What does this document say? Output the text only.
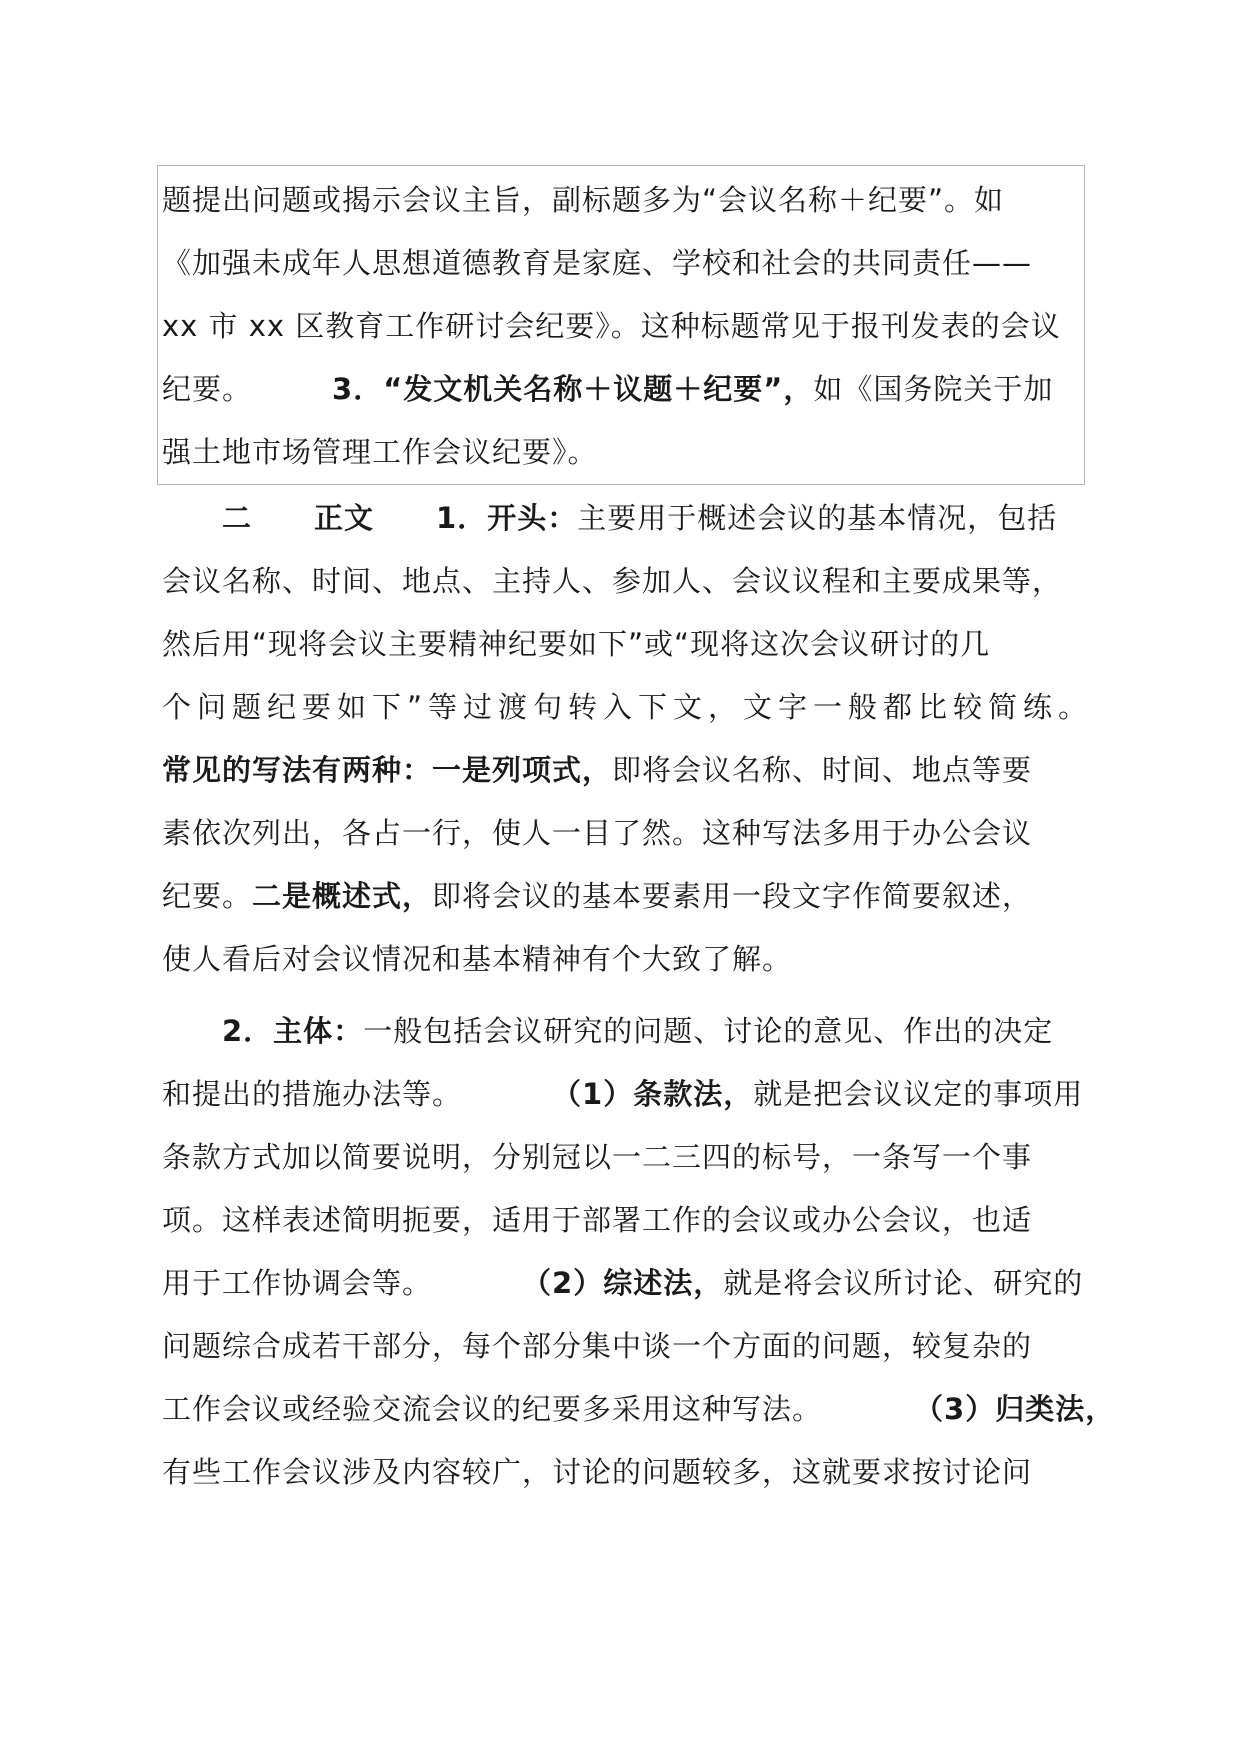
题提出问题或揭示会议主旨，副标题多为“会议名称＋纪要”。如
《加强未成年人思想道德教育是家庭、学校和社会的共同责任——
xx 市 xx 区教育工作研讨会纪要》。这种标题常见于报刊发表的会议
纪要。	3．“发文机关名称＋议题＋纪要”，如《国务院关于加
强土地市场管理工作会议纪要》。
二 正文 1．开头：主要用于概述会议的基本情况，包括
会议名称、时间、地点、主持人、参加人、会议议程和主要成果等，
然后用“现将会议主要精神纪要如下”或“现将这次会议研讨的几
个问题纪要如下”等过渡句转入下文，文字一般都比较简练。
常见的写法有两种：一是列项式，即将会议名称、时间、地点等要
素依次列出，各占一行，使人一目了然。这种写法多用于办公会议
纪要。二是概述式，即将会议的基本要素用一段文字作简要叙述，
使人看后对会议情况和基本精神有个大致了解。
2．主体：一般包括会议研究的问题、讨论的意见、作出的决定
和提出的措施办法等。	（1）条款法，就是把会议议定的事项用
条款方式加以简要说明，分别冠以一二三四的标号，一条写一个事
项。这样表述简明扼要，适用于部署工作的会议或办公会议，也适
用于工作协调会等。	（2）综述法，就是将会议所讨论、研究的
问题综合成若干部分，每个部分集中谈一个方面的问题，较复杂的
工作会议或经验交流会议的纪要多采用这种写法。	（3）归类法，
有些工作会议涉及内容较广，讨论的问题较多，这就要求按讨论问
